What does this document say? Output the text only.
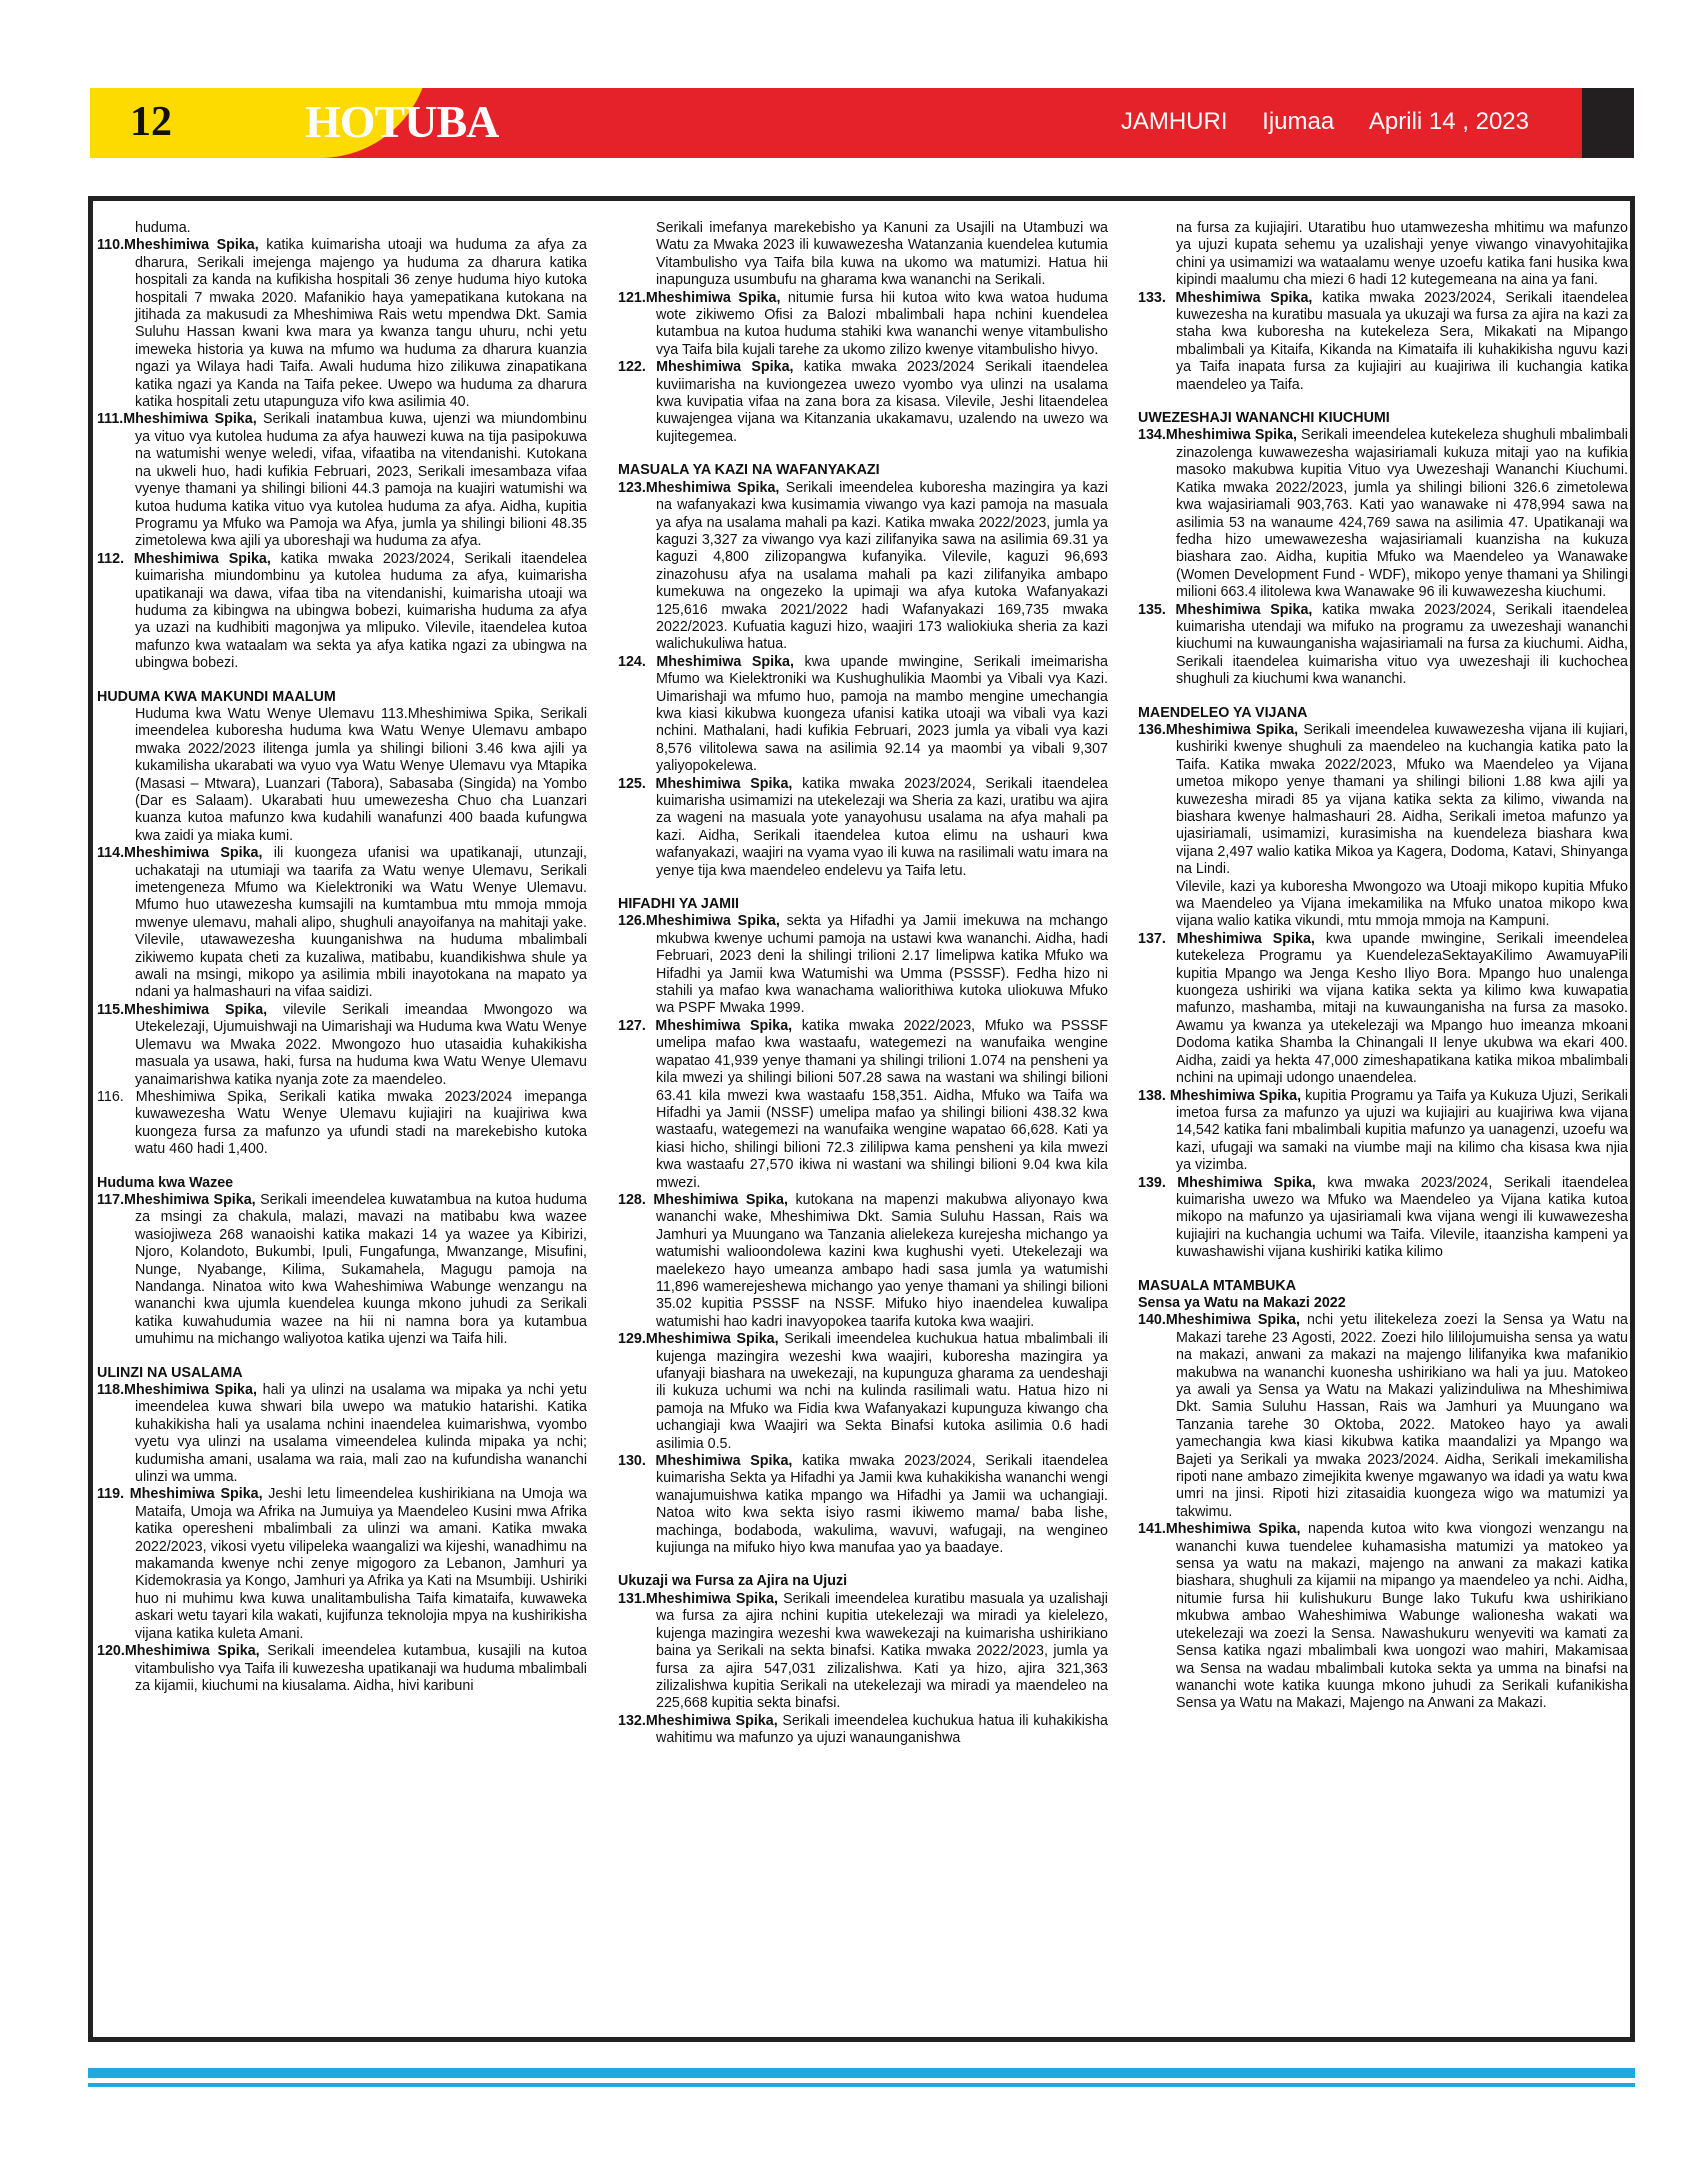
12	HOTUBA	JAMHURI Ijumaa Aprili 14 , 2023

huduma.

110.Mheshimiwa Spika, katika kuimarisha utoaji wa huduma za afya za dharura, Serikali imejenga majengo ya huduma za dharura katika hospitali za kanda na kufikisha hospitali 36 zenye huduma hiyo kutoka hospitali 7 mwaka 2020. Mafanikio haya yamepatikana kutokana na jitihada za makusudi za Mheshimiwa Rais wetu mpendwa Dkt. Samia Suluhu Hassan kwani kwa mara ya kwanza tangu uhuru, nchi yetu imeweka historia ya kuwa na mfumo wa huduma za dharura kuanzia ngazi ya Wilaya hadi Taifa. Awali huduma hizo zilikuwa zinapatikana katika ngazi ya Kanda na Taifa pekee. Uwepo wa huduma za dharura katika hospitali zetu utapunguza vifo kwa asilimia 40.

111.Mheshimiwa Spika, Serikali inatambua kuwa, ujenzi wa miundombinu ya vituo vya kutolea huduma za afya hauwezi kuwa na tija pasipokuwa na watumishi wenye weledi, vifaa, vifaatiba na vitendanishi. Kutokana na ukweli huo, hadi kufikia Februari, 2023, Serikali imesambaza vifaa vyenye thamani ya shilingi bilioni 44.3 pamoja na kuajiri watumishi wa kutoa huduma katika vituo vya kutolea huduma za afya. Aidha, kupitia Programu ya Mfuko wa Pamoja wa Afya, jumla ya shilingi bilioni 48.35 zimetolewa kwa ajili ya uboreshaji wa huduma za afya.

112. Mheshimiwa Spika, katika mwaka 2023/2024, Serikali itaendelea kuimarisha miundombinu ya kutolea huduma za afya, kuimarisha upatikanaji wa dawa, vifaa tiba na vitendanishi, kuimarisha utoaji wa huduma za kibingwa na ubingwa bobezi, kuimarisha huduma za afya ya uzazi na kudhibiti magonjwa ya mlipuko. Vilevile, itaendelea kutoa mafunzo kwa wataalam wa sekta ya afya katika ngazi za ubingwa na ubingwa bobezi.

HUDUMA KWA MAKUNDI MAALUM

Huduma kwa Watu Wenye Ulemavu 113.Mheshimiwa Spika, Serikali imeendelea kuboresha huduma kwa Watu Wenye Ulemavu ambapo mwaka 2022/2023 ilitenga jumla ya shilingi bilioni 3.46 kwa ajili ya kukamilisha ukarabati wa vyuo vya Watu Wenye Ulemavu vya Mtapika (Masasi – Mtwara), Luanzari (Tabora), Sabasaba (Singida) na Yombo (Dar es Salaam). Ukarabati huu umewezesha Chuo cha Luanzari kuanza kutoa mafunzo kwa kudahili wanafunzi 400 baada kufungwa kwa zaidi ya miaka kumi.

114.Mheshimiwa Spika, ili kuongeza ufanisi wa upatikanaji, utunzaji, uchakataji na utumiaji wa taarifa za Watu wenye Ulemavu, Serikali imetengeneza Mfumo wa Kielektroniki wa Watu Wenye Ulemavu. Mfumo huo utawezesha kumsajili na kumtambua mtu mmoja mmoja mwenye ulemavu, mahali alipo, shughuli anayoifanya na mahitaji yake. Vilevile, utawawezesha kuunganishwa na huduma mbalimbali zikiwemo kupata cheti za kuzaliwa, matibabu, kuandikishwa shule ya awali na msingi, mikopo ya asilimia mbili inayotokana na mapato ya ndani ya halmashauri na vifaa saidizi.

115.Mheshimiwa Spika, vilevile Serikali imeandaa Mwongozo wa Utekelezaji, Ujumuishwaji na Uimarishaji wa Huduma kwa Watu Wenye Ulemavu wa Mwaka 2022. Mwongozo huo utasaidia kuhakikisha masuala ya usawa, haki, fursa na huduma kwa Watu Wenye Ulemavu yanaimarishwa katika nyanja zote za maendeleo.

116. Mheshimiwa Spika, Serikali katika mwaka 2023/2024 imepanga kuwawezesha Watu Wenye Ulemavu kujiajiri na kuajiriwa kwa kuongeza fursa za mafunzo ya ufundi stadi na marekebisho kutoka watu 460 hadi 1,400.

Huduma kwa Wazee

117.Mheshimiwa Spika, Serikali imeendelea kuwatambua na kutoa huduma za msingi za chakula, malazi, mavazi na matibabu kwa wazee wasiojiweza 268 wanaoishi katika makazi 14 ya wazee ya Kibirizi, Njoro, Kolandoto, Bukumbi, Ipuli, Fungafunga, Mwanzange, Misufini, Nunge, Nyabange, Kilima, Sukamahela, Magugu pamoja na Nandanga. Ninatoa wito kwa Waheshimiwa Wabunge wenzangu na wananchi kwa ujumla kuendelea kuunga mkono juhudi za Serikali katika kuwahudumia wazee na hii ni namna bora ya kutambua umuhimu na michango waliyotoa katika ujenzi wa Taifa hili.

ULINZI NA USALAMA

118.Mheshimiwa Spika, hali ya ulinzi na usalama wa mipaka ya nchi yetu imeendelea kuwa shwari bila uwepo wa matukio hatarishi. Katika kuhakikisha hali ya usalama nchini inaendelea kuimarishwa, vyombo vyetu vya ulinzi na usalama vimeendelea kulinda mipaka ya nchi; kudumisha amani, usalama wa raia, mali zao na kufundisha wananchi ulinzi wa umma.

119. Mheshimiwa Spika, Jeshi letu limeendelea kushirikiana na Umoja wa Mataifa, Umoja wa Afrika na Jumuiya ya Maendeleo Kusini mwa Afrika katika operesheni mbalimbali za ulinzi wa amani. Katika mwaka 2022/2023, vikosi vyetu vilipeleka waangalizi wa kijeshi, wanadhimu na makamanda kwenye nchi zenye migogoro za Lebanon, Jamhuri ya Kidemokrasia ya Kongo, Jamhuri ya Afrika ya Kati na Msumbiji. Ushiriki huo ni muhimu kwa kuwa unalitambulisha Taifa kimataifa, kuwaweka askari wetu tayari kila wakati, kujifunza teknolojia mpya na kushirikisha vijana katika kuleta Amani.

120.Mheshimiwa Spika, Serikali imeendelea kutambua, kusajili na kutoa vitambulisho vya Taifa ili kuwezesha upatikanaji wa huduma mbalimbali za kijamii, kiuchumi na kiusalama. Aidha, hivi karibuni

Serikali imefanya marekebisho ya Kanuni za Usajili na Utambuzi wa Watu za Mwaka 2023 ili kuwawezesha Watanzania kuendelea kutumia Vitambulisho vya Taifa bila kuwa na ukomo wa matumizi. Hatua hii inapunguza usumbufu na gharama kwa wananchi na Serikali.

121.Mheshimiwa Spika, nitumie fursa hii kutoa wito kwa watoa huduma wote zikiwemo Ofisi za Balozi mbalimbali hapa nchini kuendelea kutambua na kutoa huduma stahiki kwa wananchi wenye vitambulisho vya Taifa bila kujali tarehe za ukomo zilizo kwenye vitambulisho hivyo.

122. Mheshimiwa Spika, katika mwaka 2023/2024 Serikali itaendelea kuviimarisha na kuviongezea uwezo vyombo vya ulinzi na usalama kwa kuvipatia vifaa na zana bora za kisasa. Vilevile, Jeshi litaendelea kuwajengea vijana wa Kitanzania ukakamavu, uzalendo na uwezo wa kujitegemea.

MASUALA YA KAZI NA WAFANYAKAZI

123.Mheshimiwa Spika, Serikali imeendelea kuboresha mazingira ya kazi na wafanyakazi kwa kusimamia viwango vya kazi pamoja na masuala ya afya na usalama mahali pa kazi. Katika mwaka 2022/2023, jumla ya kaguzi 3,327 za viwango vya kazi zilifanyika sawa na asilimia 69.31 ya kaguzi 4,800 zilizopangwa kufanyika. Vilevile, kaguzi 96,693 zinazohusu afya na usalama mahali pa kazi zilifanyika ambapo kumekuwa na ongezeko la upimaji wa afya kutoka Wafanyakazi 125,616 mwaka 2021/2022 hadi Wafanyakazi 169,735 mwaka 2022/2023. Kufuatia kaguzi hizo, waajiri 173 waliokiuka sheria za kazi walichukuliwa hatua.

124. Mheshimiwa Spika, kwa upande mwingine, Serikali imeimarisha Mfumo wa Kielektroniki wa Kushughulikia Maombi ya Vibali vya Kazi. Uimarishaji wa mfumo huo, pamoja na mambo mengine umechangia kwa kiasi kikubwa kuongeza ufanisi katika utoaji wa vibali vya kazi nchini. Mathalani, hadi kufikia Februari, 2023 jumla ya vibali vya kazi 8,576 vilitolewa sawa na asilimia 92.14 ya maombi ya vibali 9,307 yaliyopokelewa.

125. Mheshimiwa Spika, katika mwaka 2023/2024, Serikali itaendelea kuimarisha usimamizi na utekelezaji wa Sheria za kazi, uratibu wa ajira za wageni na masuala yote yanayohusu usalama na afya mahali pa kazi. Aidha, Serikali itaendelea kutoa elimu na ushauri kwa wafanyakazi, waajiri na vyama vyao ili kuwa na rasilimali watu imara na yenye tija kwa maendeleo endelevu ya Taifa letu.

HIFADHI YA JAMII

126.Mheshimiwa Spika, sekta ya Hifadhi ya Jamii imekuwa na mchango mkubwa kwenye uchumi pamoja na ustawi kwa wananchi. Aidha, hadi Februari, 2023 deni la shilingi trilioni 2.17 limelipwa katika Mfuko wa Hifadhi ya Jamii kwa Watumishi wa Umma (PSSSF). Fedha hizo ni stahili ya mafao kwa wanachama waliorithiwa kutoka uliokuwa Mfuko wa PSPF Mwaka 1999.

127. Mheshimiwa Spika, katika mwaka 2022/2023, Mfuko wa PSSSF umelipa mafao kwa wastaafu, wategemezi na wanufaika wengine wapatao 41,939 yenye thamani ya shilingi trilioni 1.074 na pensheni ya kila mwezi ya shilingi bilioni 507.28 sawa na wastani wa shilingi bilioni 63.41 kila mwezi kwa wastaafu 158,351. Aidha, Mfuko wa Taifa wa Hifadhi ya Jamii (NSSF) umelipa mafao ya shilingi bilioni 438.32 kwa wastaafu, wategemezi na wanufaika wengine wapatao 66,628. Kati ya kiasi hicho, shilingi bilioni 72.3 zililipwa kama pensheni ya kila mwezi kwa wastaafu 27,570 ikiwa ni wastani wa shilingi bilioni 9.04 kwa kila mwezi.

128. Mheshimiwa Spika, kutokana na mapenzi makubwa aliyonayo kwa wananchi wake, Mheshimiwa Dkt. Samia Suluhu Hassan, Rais wa Jamhuri ya Muungano wa Tanzania alielekeza kurejesha michango ya watumishi walioondolewa kazini kwa kughushi vyeti. Utekelezaji wa maelekezo hayo umeanza ambapo hadi sasa jumla ya watumishi 11,896 wamerejeshewa michango yao yenye thamani ya shilingi bilioni 35.02 kupitia PSSSF na NSSF. Mifuko hiyo inaendelea kuwalipa watumishi hao kadri inavyopokea taarifa kutoka kwa waajiri.

129.Mheshimiwa Spika, Serikali imeendelea kuchukua hatua mbalimbali ili kujenga mazingira wezeshi kwa waajiri, kuboresha mazingira ya ufanyaji biashara na uwekezaji, na kupunguza gharama za uendeshaji ili kukuza uchumi wa nchi na kulinda rasilimali watu. Hatua hizo ni pamoja na Mfuko wa Fidia kwa Wafanyakazi kupunguza kiwango cha uchangiaji kwa Waajiri wa Sekta Binafsi kutoka asilimia 0.6 hadi asilimia 0.5.

130. Mheshimiwa Spika, katika mwaka 2023/2024, Serikali itaendelea kuimarisha Sekta ya Hifadhi ya Jamii kwa kuhakikisha wananchi wengi wanajumuishwa katika mpango wa Hifadhi ya Jamii wa uchangiaji. Natoa wito kwa sekta isiyo rasmi ikiwemo mama/ baba lishe, machinga, bodaboda, wakulima, wavuvi, wafugaji, na wengineo kujiunga na mifuko hiyo kwa manufaa yao ya baadaye.

Ukuzaji wa Fursa za Ajira na Ujuzi

131.Mheshimiwa Spika, Serikali imeendelea kuratibu masuala ya uzalishaji wa fursa za ajira nchini kupitia utekelezaji wa miradi ya kielelezo, kujenga mazingira wezeshi kwa wawekezaji na kuimarisha ushirikiano baina ya Serikali na sekta binafsi. Katika mwaka 2022/2023, jumla ya fursa za ajira 547,031 zilizalishwa. Kati ya hizo, ajira 321,363 zilizalishwa kupitia Serikali na utekelezaji wa miradi ya maendeleo na 225,668 kupitia sekta binafsi.

132.Mheshimiwa Spika, Serikali imeendelea kuchukua hatua ili kuhakikisha wahitimu wa mafunzo ya ujuzi wanaunganishwa

na fursa za kujiajiri. Utaratibu huo utamwezesha mhitimu wa mafunzo ya ujuzi kupata sehemu ya uzalishaji yenye viwango vinavyohitajika chini ya usimamizi wa wataalamu wenye uzoefu katika fani husika kwa kipindi maalumu cha miezi 6 hadi 12 kutegemeana na aina ya fani.

133. Mheshimiwa Spika, katika mwaka 2023/2024, Serikali itaendelea kuwezesha na kuratibu masuala ya ukuzaji wa fursa za ajira na kazi za staha kwa kuboresha na kutekeleza Sera, Mikakati na Mipango mbalimbali ya Kitaifa, Kikanda na Kimataifa ili kuhakikisha nguvu kazi ya Taifa inapata fursa za kujiajiri au kuajiriwa ili kuchangia katika maendeleo ya Taifa.

UWEZESHAJI WANANCHI KIUCHUMI

134.Mheshimiwa Spika, Serikali imeendelea kutekeleza shughuli mbalimbali zinazolenga kuwawezesha wajasiriamali kukuza mitaji yao na kufikia masoko makubwa kupitia Vituo vya Uwezeshaji Wananchi Kiuchumi. Katika mwaka 2022/2023, jumla ya shilingi bilioni 326.6 zimetolewa kwa wajasiriamali 903,763. Kati yao wanawake ni 478,994 sawa na asilimia 53 na wanaume 424,769 sawa na asilimia 47. Upatikanaji wa fedha hizo umewawezesha wajasiriamali kuanzisha na kukuza biashara zao. Aidha, kupitia Mfuko wa Maendeleo ya Wanawake (Women Development Fund - WDF), mikopo yenye thamani ya Shilingi milioni 663.4 ilitolewa kwa Wanawake 96 ili kuwawezesha kiuchumi.

135. Mheshimiwa Spika, katika mwaka 2023/2024, Serikali itaendelea kuimarisha utendaji wa mifuko na programu za uwezeshaji wananchi kiuchumi na kuwaunganisha wajasiriamali na fursa za kiuchumi. Aidha, Serikali itaendelea kuimarisha vituo vya uwezeshaji ili kuchochea shughuli za kiuchumi kwa wananchi.

MAENDELEO YA VIJANA

136.Mheshimiwa Spika, Serikali imeendelea kuwawezesha vijana ili kujiari, kushiriki kwenye shughuli za maendeleo na kuchangia katika pato la Taifa. Katika mwaka 2022/2023, Mfuko wa Maendeleo ya Vijana umetoa mikopo yenye thamani ya shilingi bilioni 1.88 kwa ajili ya kuwezesha miradi 85 ya vijana katika sekta za kilimo, viwanda na biashara kwenye halmashauri 28. Aidha, Serikali imetoa mafunzo ya ujasiriamali, usimamizi, kurasimisha na kuendeleza biashara kwa vijana 2,497 walio katika Mikoa ya Kagera, Dodoma, Katavi, Shinyanga na Lindi.

Vilevile, kazi ya kuboresha Mwongozo wa Utoaji mikopo kupitia Mfuko wa Maendeleo ya Vijana imekamilika na Mfuko unatoa mikopo kwa vijana walio katika vikundi, mtu mmoja mmoja na Kampuni.

137. Mheshimiwa Spika, kwa upande mwingine, Serikali imeendelea kutekeleza Programu ya KuendelezaSektayaKilimo AwamuyaPili kupitia Mpango wa Jenga Kesho Iliyo Bora. Mpango huo unalenga kuongeza ushiriki wa vijana katika sekta ya kilimo kwa kuwapatia mafunzo, mashamba, mitaji na kuwaunganisha na fursa za masoko. Awamu ya kwanza ya utekelezaji wa Mpango huo imeanza mkoani Dodoma katika Shamba la Chinangali II lenye ukubwa wa ekari 400. Aidha, zaidi ya hekta 47,000 zimeshapatikana katika mikoa mbalimbali nchini na upimaji udongo unaendelea.

138. Mheshimiwa Spika, kupitia Programu ya Taifa ya Kukuza Ujuzi, Serikali imetoa fursa za mafunzo ya ujuzi wa kujiajiri au kuajiriwa kwa vijana 14,542 katika fani mbalimbali kupitia mafunzo ya uanagenzi, uzoefu wa kazi, ufugaji wa samaki na viumbe maji na kilimo cha kisasa kwa njia ya vizimba.

139. Mheshimiwa Spika, kwa mwaka 2023/2024, Serikali itaendelea kuimarisha uwezo wa Mfuko wa Maendeleo ya Vijana katika kutoa mikopo na mafunzo ya ujasiriamali kwa vijana wengi ili kuwawezesha kujiajiri na kuchangia uchumi wa Taifa. Vilevile, itaanzisha kampeni ya kuwashawishi vijana kushiriki katika kilimo

MASUALA MTAMBUKA

Sensa ya Watu na Makazi 2022

140.Mheshimiwa Spika, nchi yetu ilitekeleza zoezi la Sensa ya Watu na Makazi tarehe 23 Agosti, 2022. Zoezi hilo lililojumuisha sensa ya watu na makazi, anwani za makazi na majengo lilifanyika kwa mafanikio makubwa na wananchi kuonesha ushirikiano wa hali ya juu. Matokeo ya awali ya Sensa ya Watu na Makazi yalizinduliwa na Mheshimiwa Dkt. Samia Suluhu Hassan, Rais wa Jamhuri ya Muungano wa Tanzania tarehe 30 Oktoba, 2022. Matokeo hayo ya awali yamechangia kwa kiasi kikubwa katika maandalizi ya Mpango wa Bajeti ya Serikali ya mwaka 2023/2024. Aidha, Serikali imekamilisha ripoti nane ambazo zimejikita kwenye mgawanyo wa idadi ya watu kwa umri na jinsi. Ripoti hizi zitasaidia kuongeza wigo wa matumizi ya takwimu.

141.Mheshimiwa Spika, napenda kutoa wito kwa viongozi wenzangu na wananchi kuwa tuendelee kuhamasisha matumizi ya matokeo ya sensa ya watu na makazi, majengo na anwani za makazi katika biashara, shughuli za kijamii na mipango ya maendeleo ya nchi. Aidha, nitumie fursa hii kulishukuru Bunge lako Tukufu kwa ushirikiano mkubwa ambao Waheshimiwa Wabunge walionesha wakati wa utekelezaji wa zoezi la Sensa. Nawashukuru wenyeviti wa kamati za Sensa katika ngazi mbalimbali kwa uongozi wao mahiri, Makamisaa wa Sensa na wadau mbalimbali kutoka sekta ya umma na binafsi na wananchi wote katika kuunga mkono juhudi za Serikali kufanikisha Sensa ya Watu na Makazi, Majengo na Anwani za Makazi.
